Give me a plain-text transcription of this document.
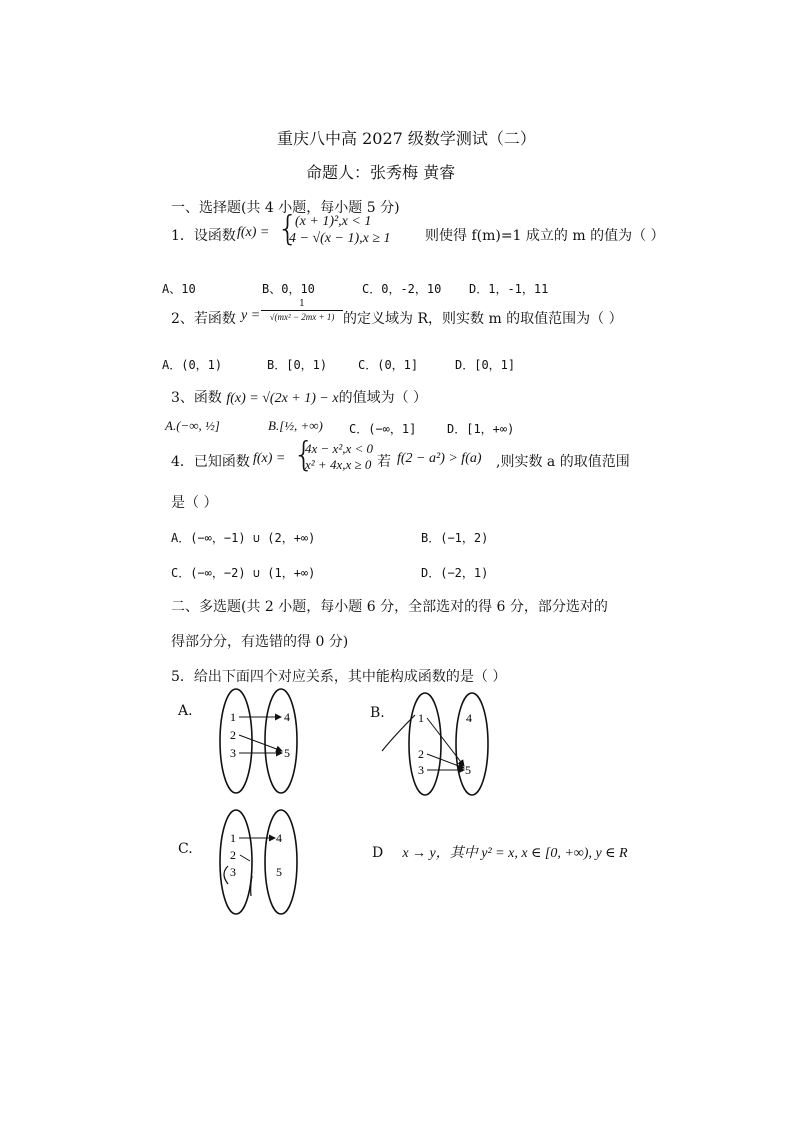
重庆八中高 2027 级数学测试（二）
命题人：张秀梅 黄睿
一、选择题(共 4 小题，每小题 5 分)
1．设函数 f(x) = {
(x + 1)²,x < 1
4 − √(x − 1),x ≥ 1 则使得 f(m)=1 成立的 m 的值为（ ）
A、10	B、0，10	C．0，-2，10 D．1，-1，11
2、若函数 y =
1
√(mx² − 2mx + 1) 的定义域为 R，则实数 m 的取值范围为（ ）
A．(0，1)	B．[0，1)	C．(0，1]	D．[0，1]
3、函数 f(x) = √(2x + 1) − x的值域为（ ）
A.(−∞, ½]	B.[½, +∞) C．(−∞，1]	D．[1，+∞)
4．已知函数 f(x) = {
4x − x²,x < 0
x² + 4x,x ≥ 0 若 f(2 − a²) > f(a) ,则实数 a 的取值范围
是（ ）
A．(−∞，−1) ∪ (2，+∞)	B．(−1，2)
C．(−∞，−2) ∪ (1，+∞)	D．(−2，1)
二、多选题(共 2 小题，每小题 6 分，全部选对的得 6 分，部分选对的
得部分分，有选错的得 0 分)
5．给出下面四个对应关系，其中能构成函数的是（ ）
A.	1
2
3
4
5
B.	1
2
3
4
5
C.
1
2
3
4
5
D x → y，其中 y² = x, x ∈ [0, +∞), y ∈ R
